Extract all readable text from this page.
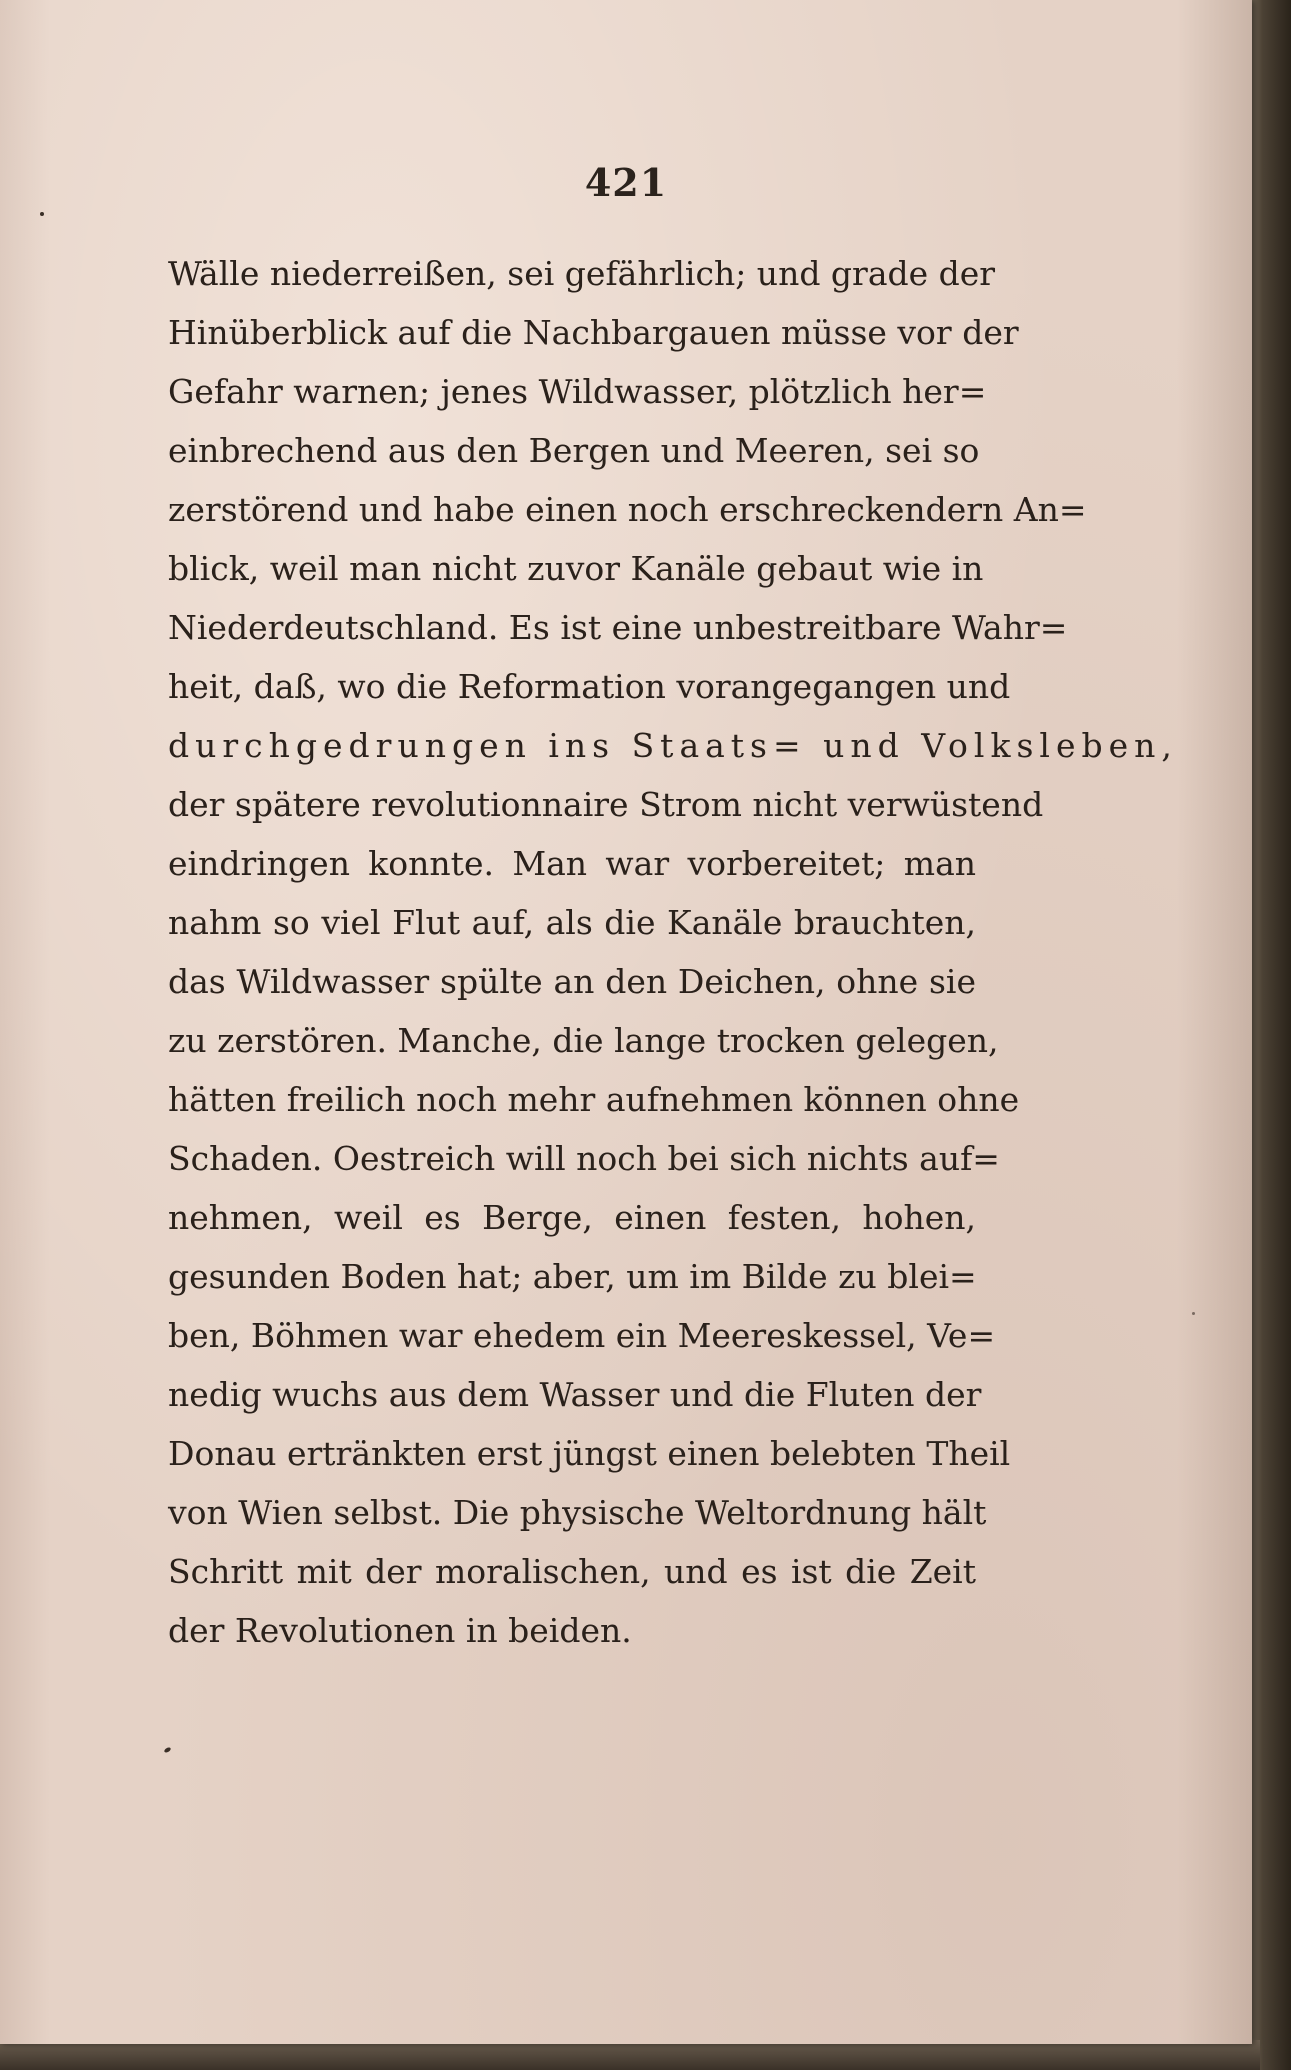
421
Wälle niederreißen, sei gefährlich; und grade der
Hinüberblick auf die Nachbargauen müsse vor der
Gefahr warnen; jenes Wildwasser, plötzlich her=
einbrechend aus den Bergen und Meeren, sei so
zerstörend und habe einen noch erschreckendern An=
blick, weil man nicht zuvor Kanäle gebaut wie in
Niederdeutschland. Es ist eine unbestreitbare Wahr=
heit, daß, wo die Reformation vorangegangen und
durchgedrungen ins Staats= und Volksleben,
der spätere revolutionnaire Strom nicht verwüstend
eindringen konnte. Man war vorbereitet; man
nahm so viel Flut auf, als die Kanäle brauchten,
das Wildwasser spülte an den Deichen, ohne sie
zu zerstören. Manche, die lange trocken gelegen,
hätten freilich noch mehr aufnehmen können ohne
Schaden. Oestreich will noch bei sich nichts auf=
nehmen, weil es Berge, einen festen, hohen,
gesunden Boden hat; aber, um im Bilde zu blei=
ben, Böhmen war ehedem ein Meereskessel, Ve=
nedig wuchs aus dem Wasser und die Fluten der
Donau ertränkten erst jüngst einen belebten Theil
von Wien selbst. Die physische Weltordnung hält
Schritt mit der moralischen, und es ist die Zeit
der Revolutionen in beiden.
